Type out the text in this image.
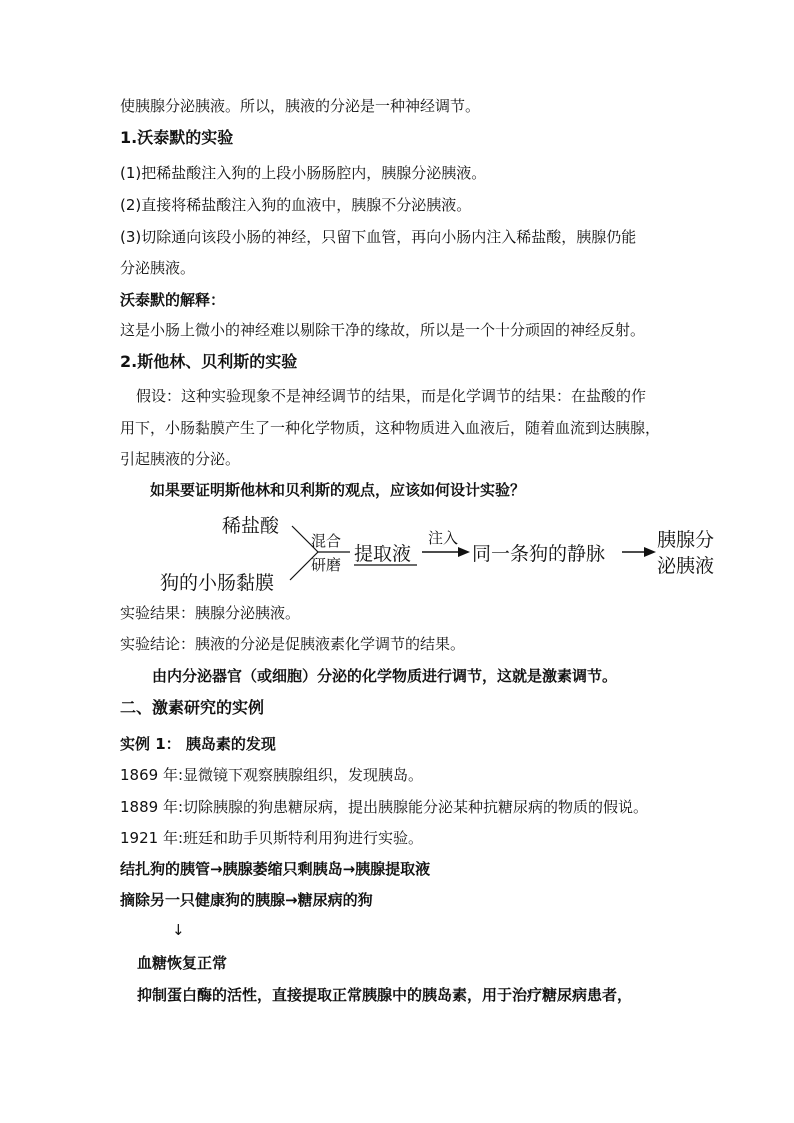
使胰腺分泌胰液。所以，胰液的分泌是一种神经调节。
1.沃泰默的实验
(1)把稀盐酸注入狗的上段小肠肠腔内，胰腺分泌胰液。
(2)直接将稀盐酸注入狗的血液中，胰腺不分泌胰液。
(3)切除通向该段小肠的神经，只留下血管，再向小肠内注入稀盐酸，胰腺仍能
分泌胰液。
沃泰默的解释：
这是小肠上微小的神经难以剔除干净的缘故，所以是一个十分顽固的神经反射。
2.斯他林、贝利斯的实验
假设：这种实验现象不是神经调节的结果，而是化学调节的结果：在盐酸的作
用下，小肠黏膜产生了一种化学物质，这种物质进入血液后，随着血流到达胰腺，
引起胰液的分泌。
如果要证明斯他林和贝利斯的观点，应该如何设计实验？
稀盐酸
狗的小肠黏膜
混合
研磨 提取液
注入
同一条狗的静脉
胰腺分
泌胰液
实验结果：胰腺分泌胰液。
实验结论：胰液的分泌是促胰液素化学调节的结果。
由内分泌器官（或细胞）分泌的化学物质进行调节，这就是激素调节。
二、激素研究的实例
实例 1： 胰岛素的发现
1869 年:显微镜下观察胰腺组织，发现胰岛。
1889 年:切除胰腺的狗患糖尿病，提出胰腺能分泌某种抗糖尿病的物质的假说。
1921 年:班廷和助手贝斯特利用狗进行实验。
结扎狗的胰管→胰腺萎缩只剩胰岛→胰腺提取液
摘除另一只健康狗的胰腺→糖尿病的狗
↓
血糖恢复正常
抑制蛋白酶的活性，直接提取正常胰腺中的胰岛素，用于治疗糖尿病患者，
